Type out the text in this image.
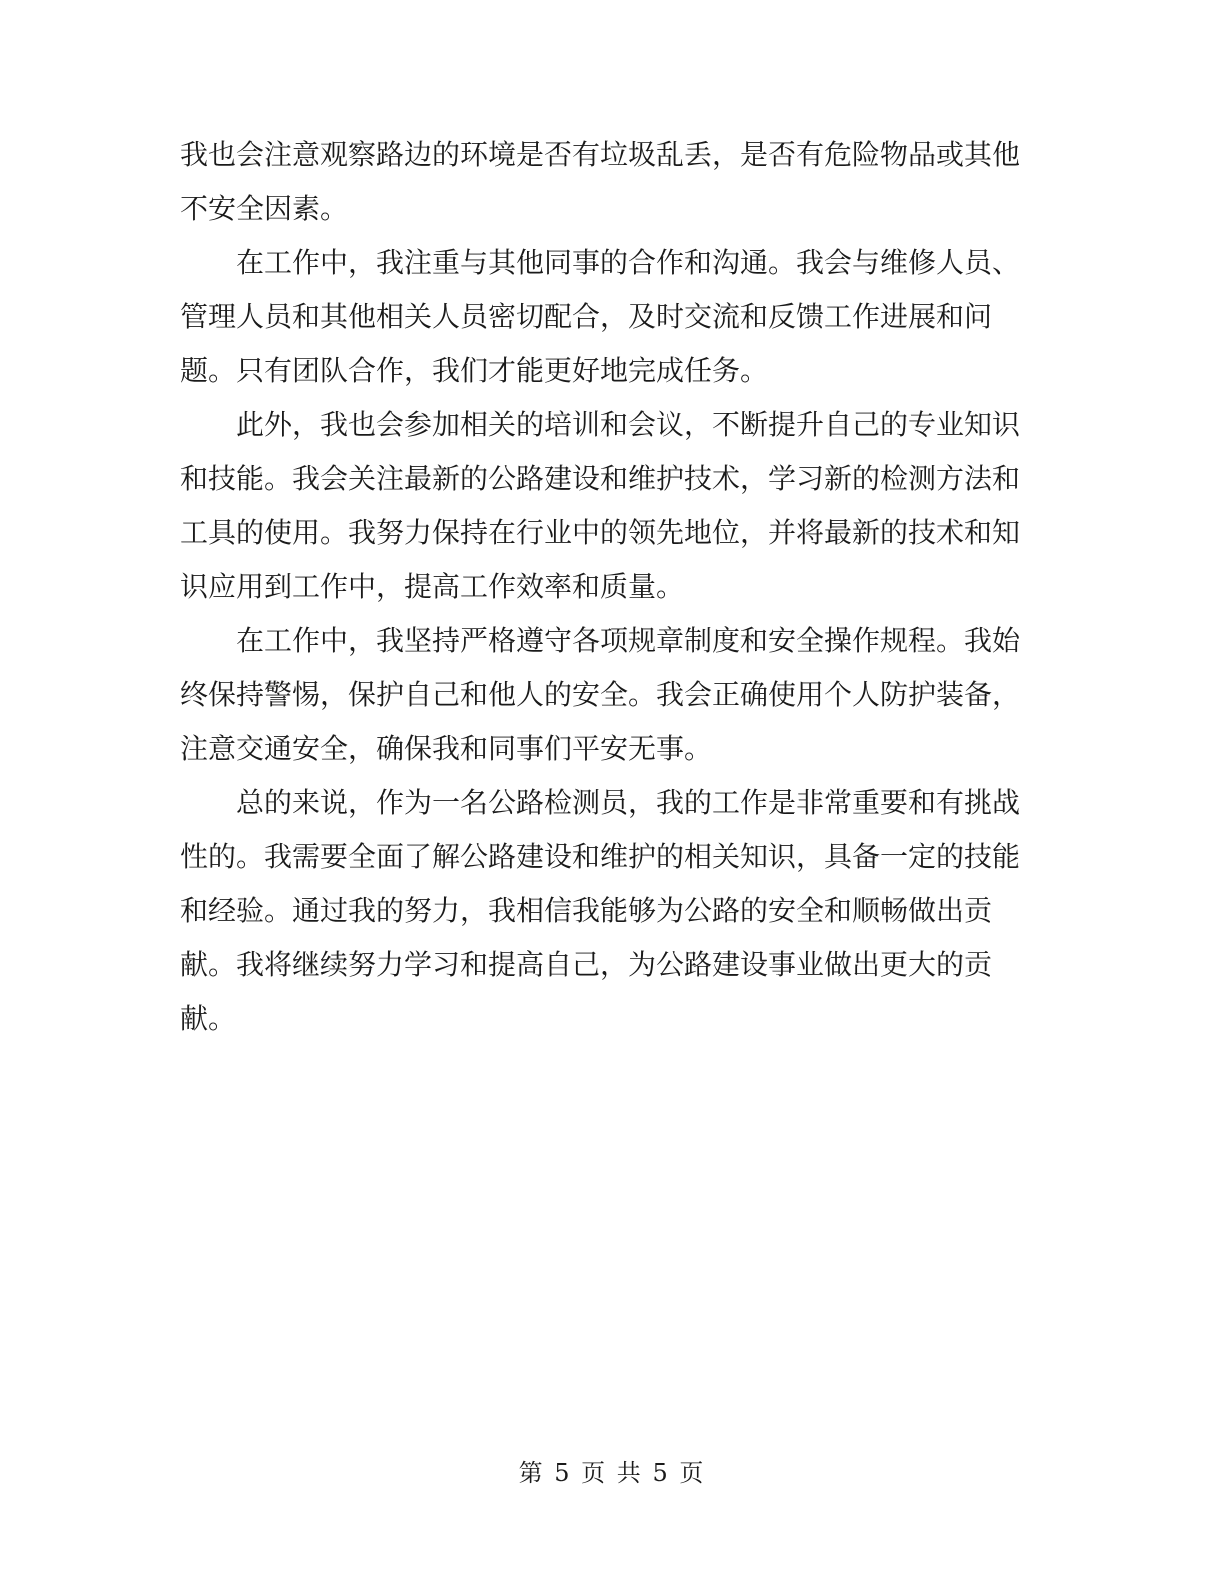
我也会注意观察路边的环境是否有垃圾乱丢，是否有危险物品或其他不安全因素。

在工作中，我注重与其他同事的合作和沟通。我会与维修人员、管理人员和其他相关人员密切配合，及时交流和反馈工作进展和问题。只有团队合作，我们才能更好地完成任务。

此外，我也会参加相关的培训和会议，不断提升自己的专业知识和技能。我会关注最新的公路建设和维护技术，学习新的检测方法和工具的使用。我努力保持在行业中的领先地位，并将最新的技术和知识应用到工作中，提高工作效率和质量。

在工作中，我坚持严格遵守各项规章制度和安全操作规程。我始终保持警惕，保护自己和他人的安全。我会正确使用个人防护装备，注意交通安全，确保我和同事们平安无事。

总的来说，作为一名公路检测员，我的工作是非常重要和有挑战性的。我需要全面了解公路建设和维护的相关知识，具备一定的技能和经验。通过我的努力，我相信我能够为公路的安全和顺畅做出贡献。我将继续努力学习和提高自己，为公路建设事业做出更大的贡献。

第 5 页 共 5 页
